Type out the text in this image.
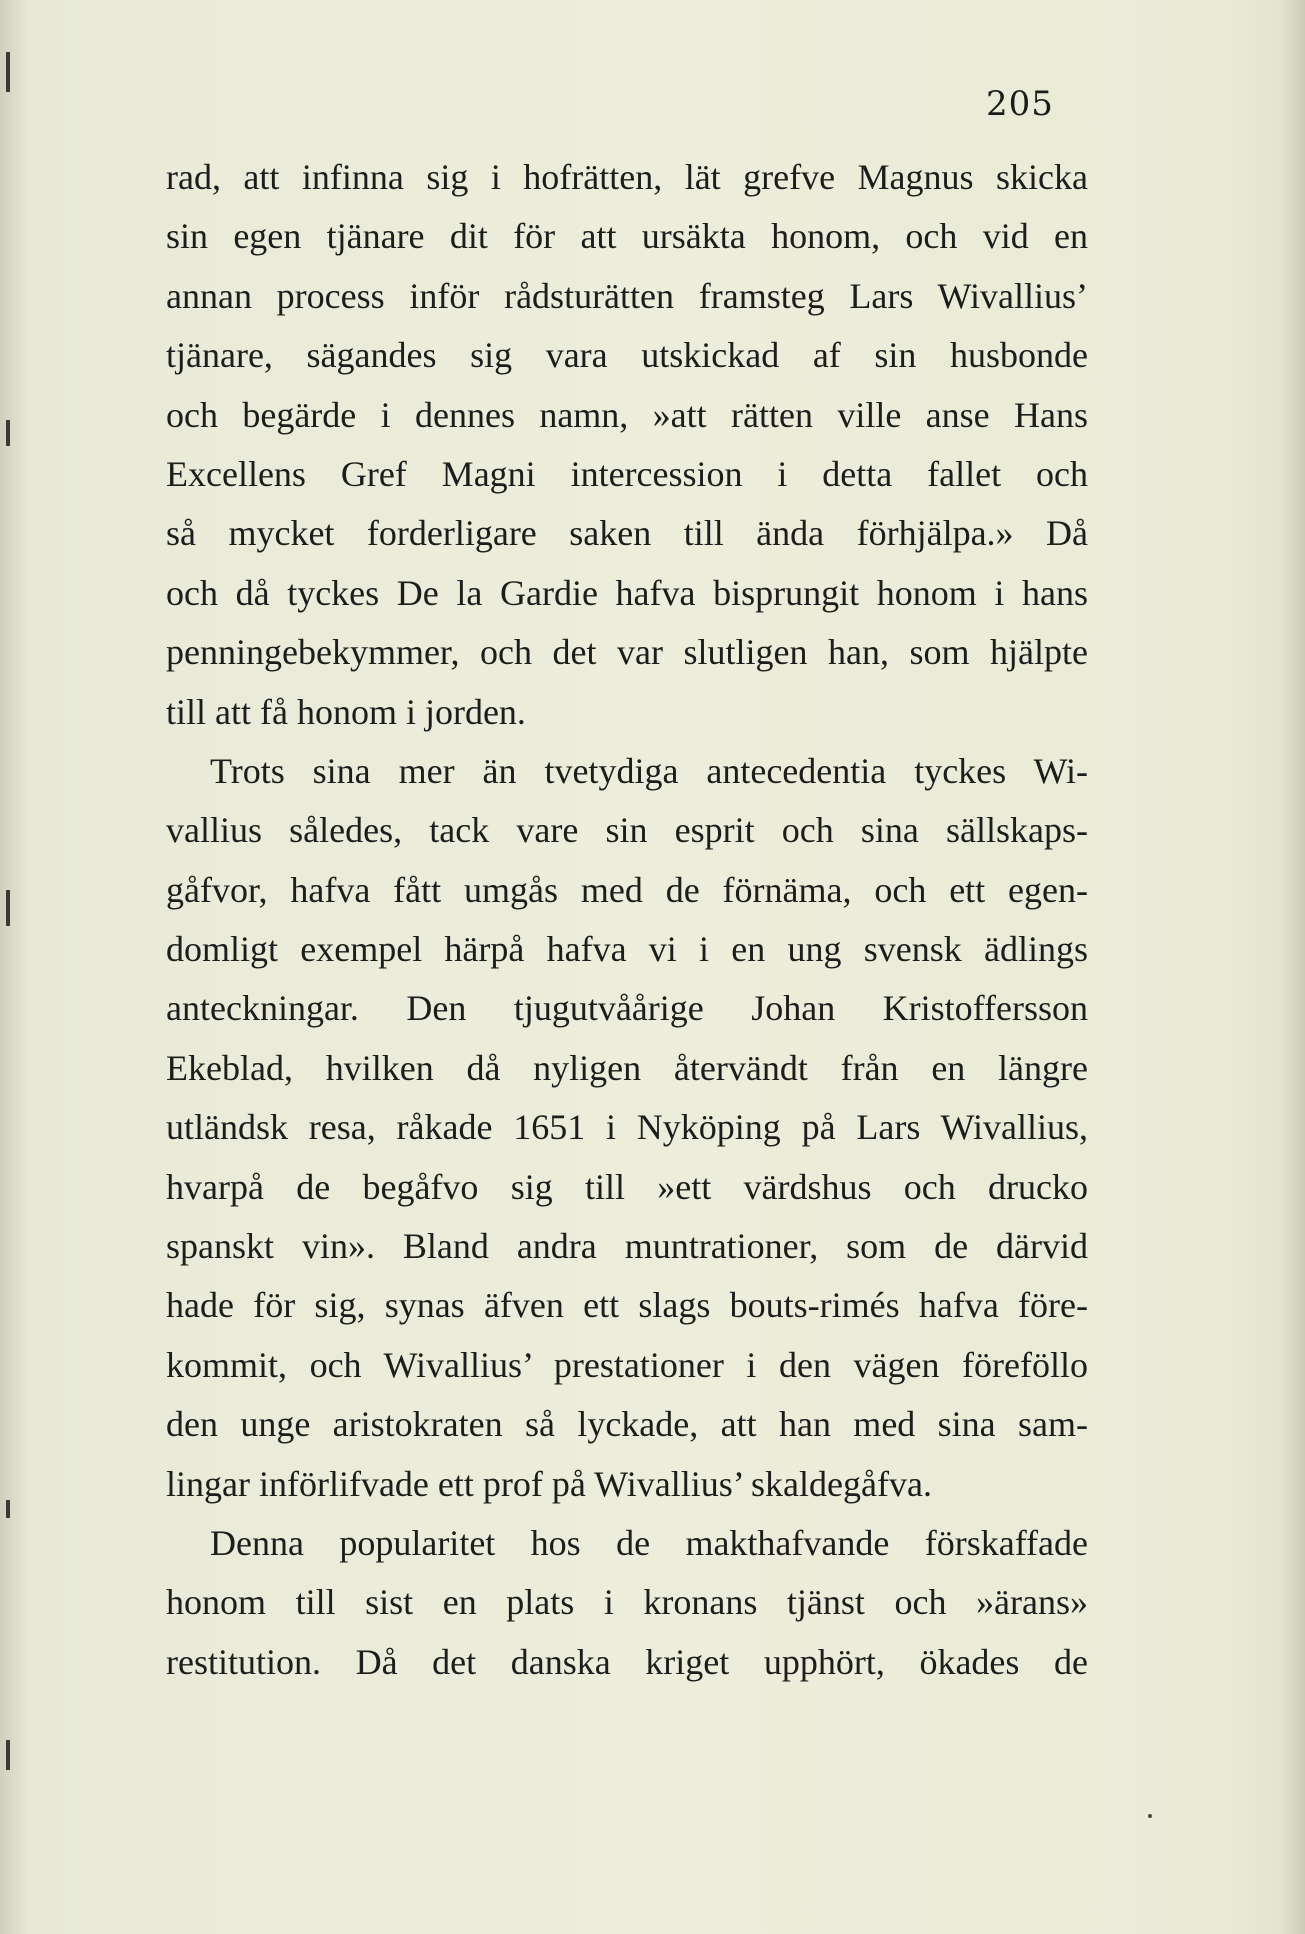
205
rad, att infinna sig i hofrätten, lät grefve Magnus skicka
sin egen tjänare dit för att ursäkta honom, och vid en
annan process inför rådsturätten framsteg Lars Wivallius’
tjänare, sägandes sig vara utskickad af sin husbonde
och begärde i dennes namn, »att rätten ville anse Hans
Excellens Gref Magni intercession i detta fallet och
så mycket forderligare saken till ända förhjälpa.» Då
och då tyckes De la Gardie hafva bisprungit honom i hans
penningebekymmer, och det var slutligen han, som hjälpte
till att få honom i jorden.
Trots sina mer än tvetydiga antecedentia tyckes Wi-
vallius således, tack vare sin esprit och sina sällskaps-
gåfvor, hafva fått umgås med de förnäma, och ett egen-
domligt exempel härpå hafva vi i en ung svensk ädlings
anteckningar. Den tjugutvåårige Johan Kristoffersson
Ekeblad, hvilken då nyligen återvändt från en längre
utländsk resa, råkade 1651 i Nyköping på Lars Wivallius,
hvarpå de begåfvo sig till »ett värdshus och drucko
spanskt vin». Bland andra muntrationer, som de därvid
hade för sig, synas äfven ett slags bouts-rimés hafva före-
kommit, och Wivallius’ prestationer i den vägen föreföllo
den unge aristokraten så lyckade, att han med sina sam-
lingar införlifvade ett prof på Wivallius’ skaldegåfva.
Denna popularitet hos de makthafvande förskaffade
honom till sist en plats i kronans tjänst och »ärans»
restitution. Då det danska kriget upphört, ökades de
